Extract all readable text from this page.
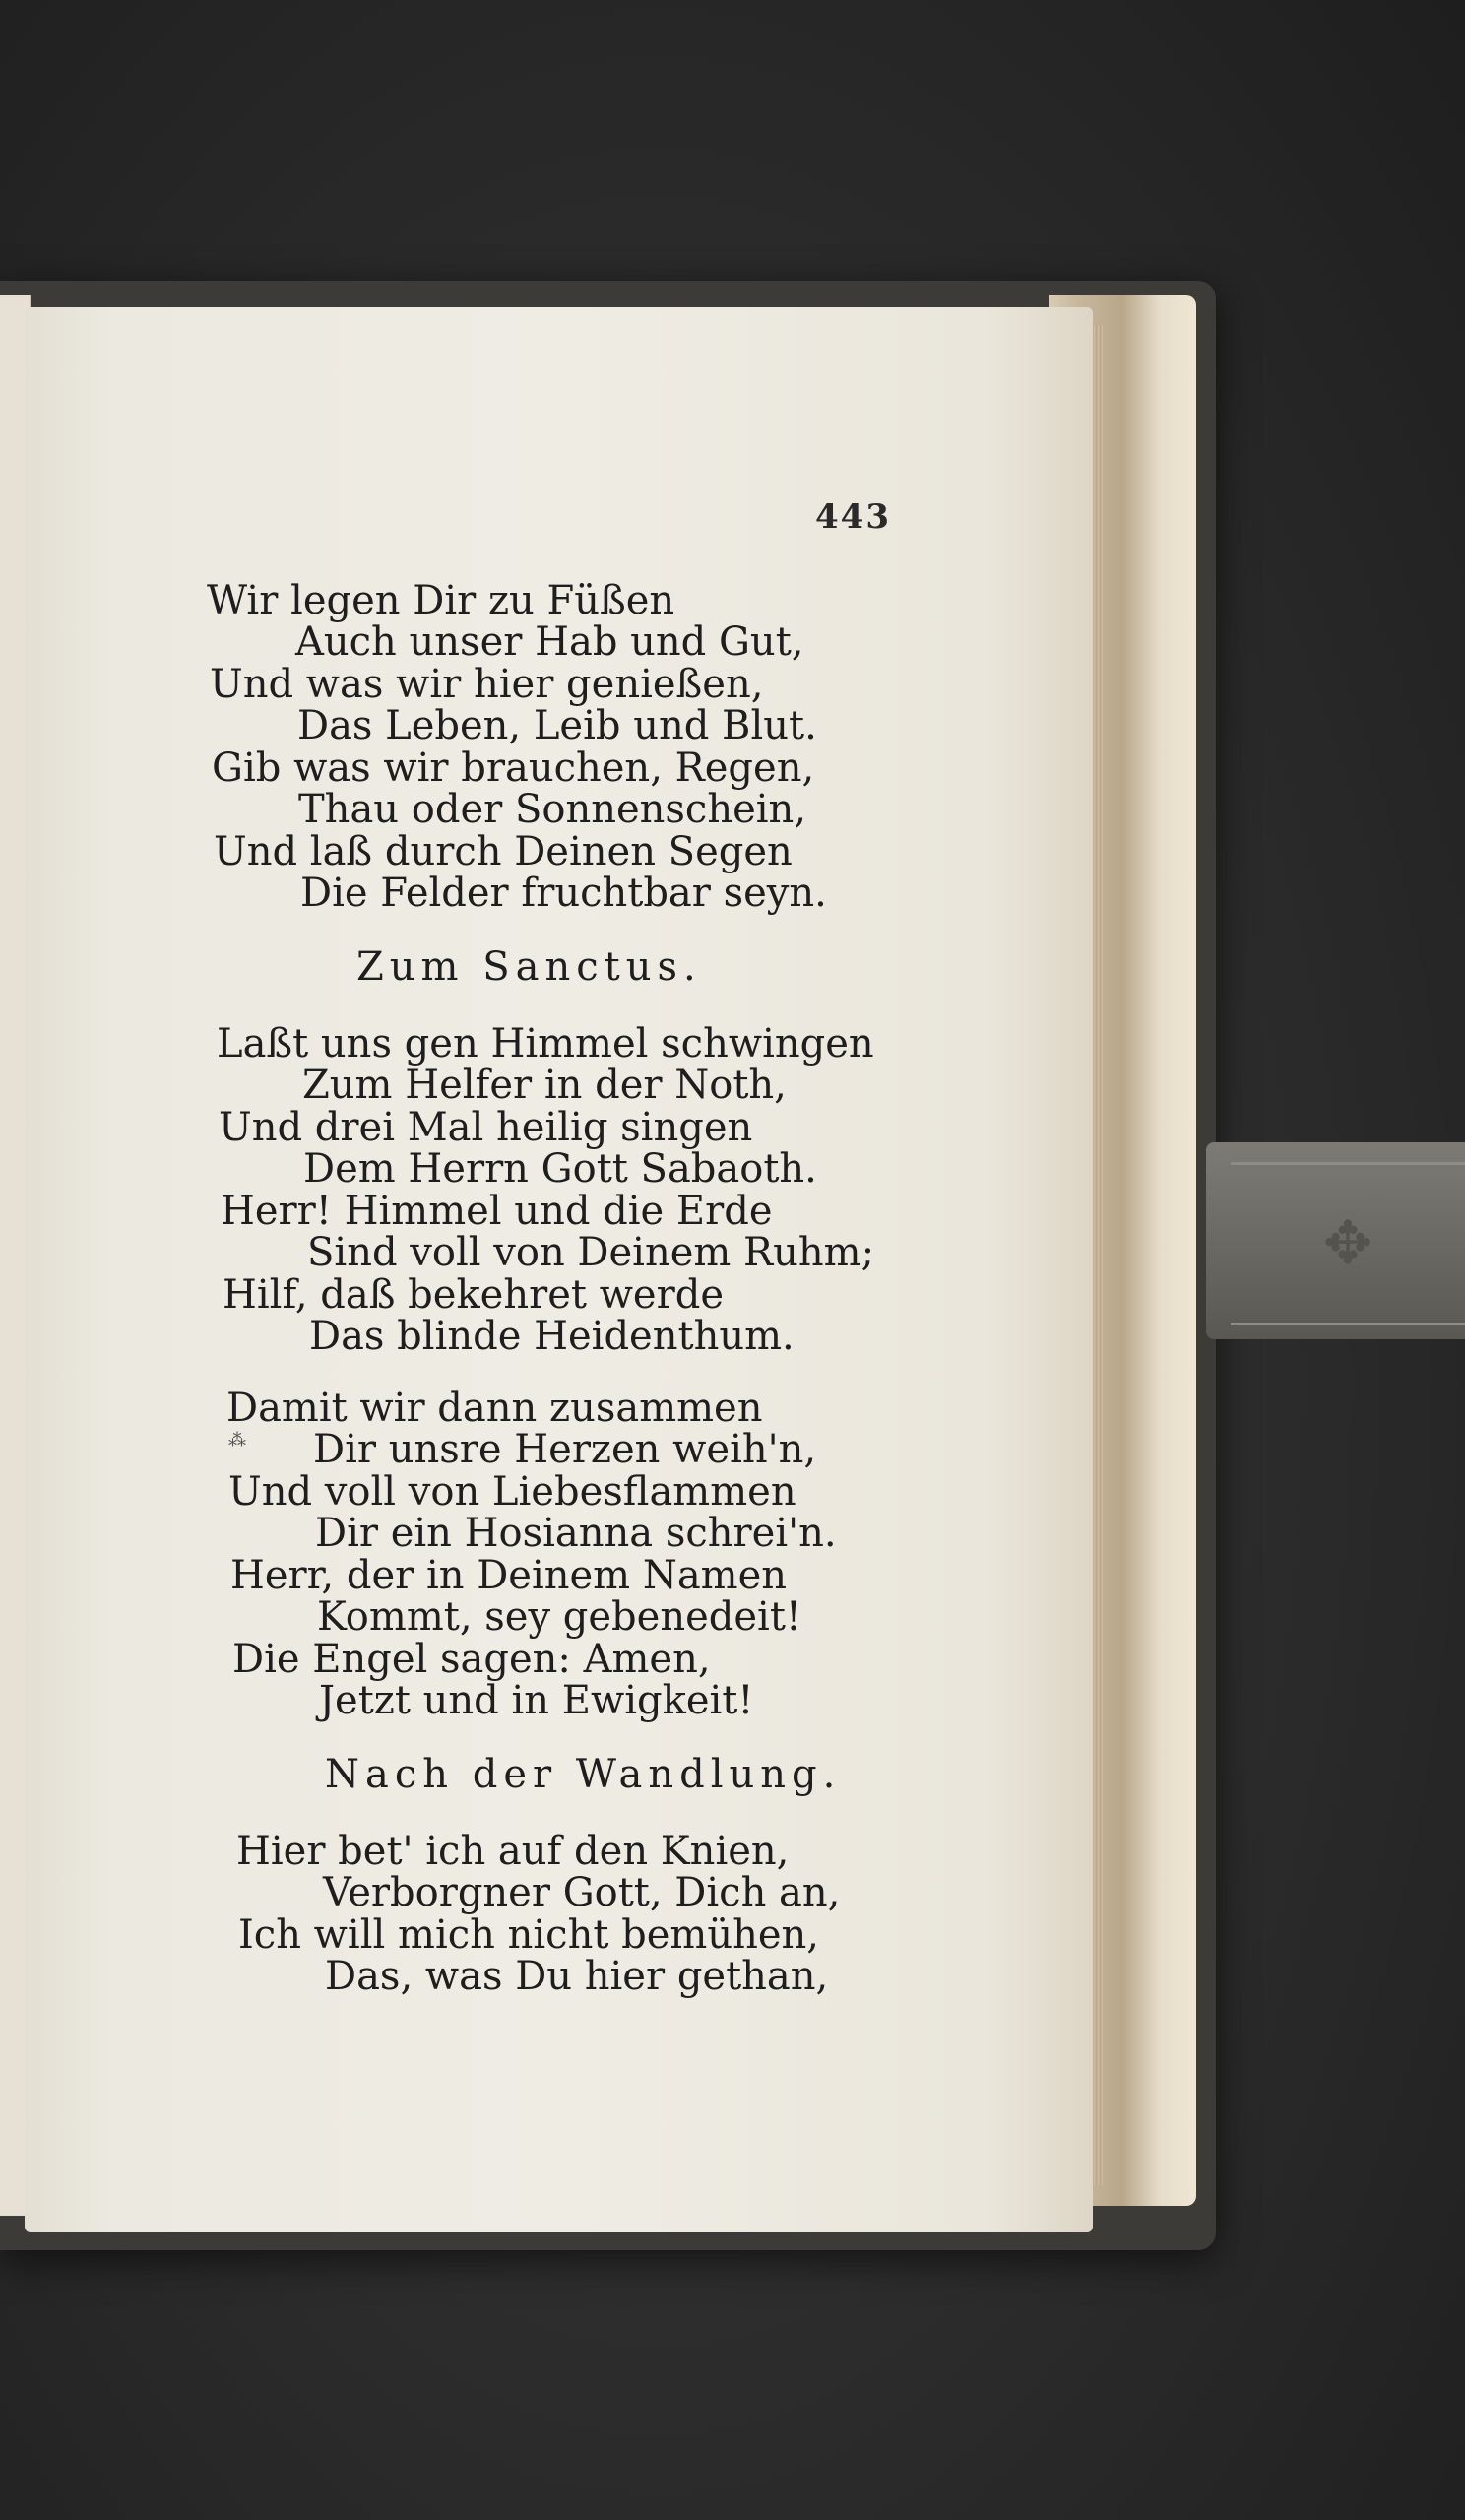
✥
443
Wir legen Dir zu Füßen
Auch unser Hab und Gut,
Und was wir hier genießen,
Das Leben, Leib und Blut.
Gib was wir brauchen, Regen,
Thau oder Sonnenschein,
Und laß durch Deinen Segen
Die Felder fruchtbar seyn.
Zum Sanctus.
Laßt uns gen Himmel schwingen
Zum Helfer in der Noth,
Und drei Mal heilig singen
Dem Herrn Gott Sabaoth.
Herr! Himmel und die Erde
Sind voll von Deinem Ruhm;
Hilf, daß bekehret werde
Das blinde Heidenthum.
Damit wir dann zusammen
⁂ Dir unsre Herzen weih'n,
Und voll von Liebesflammen
Dir ein Hosianna schrei'n.
Herr, der in Deinem Namen
Kommt, sey gebenedeit!
Die Engel sagen: Amen,
Jetzt und in Ewigkeit!
Nach der Wandlung.
Hier bet' ich auf den Knien,
Verborgner Gott, Dich an,
Ich will mich nicht bemühen,
Das, was Du hier gethan,
